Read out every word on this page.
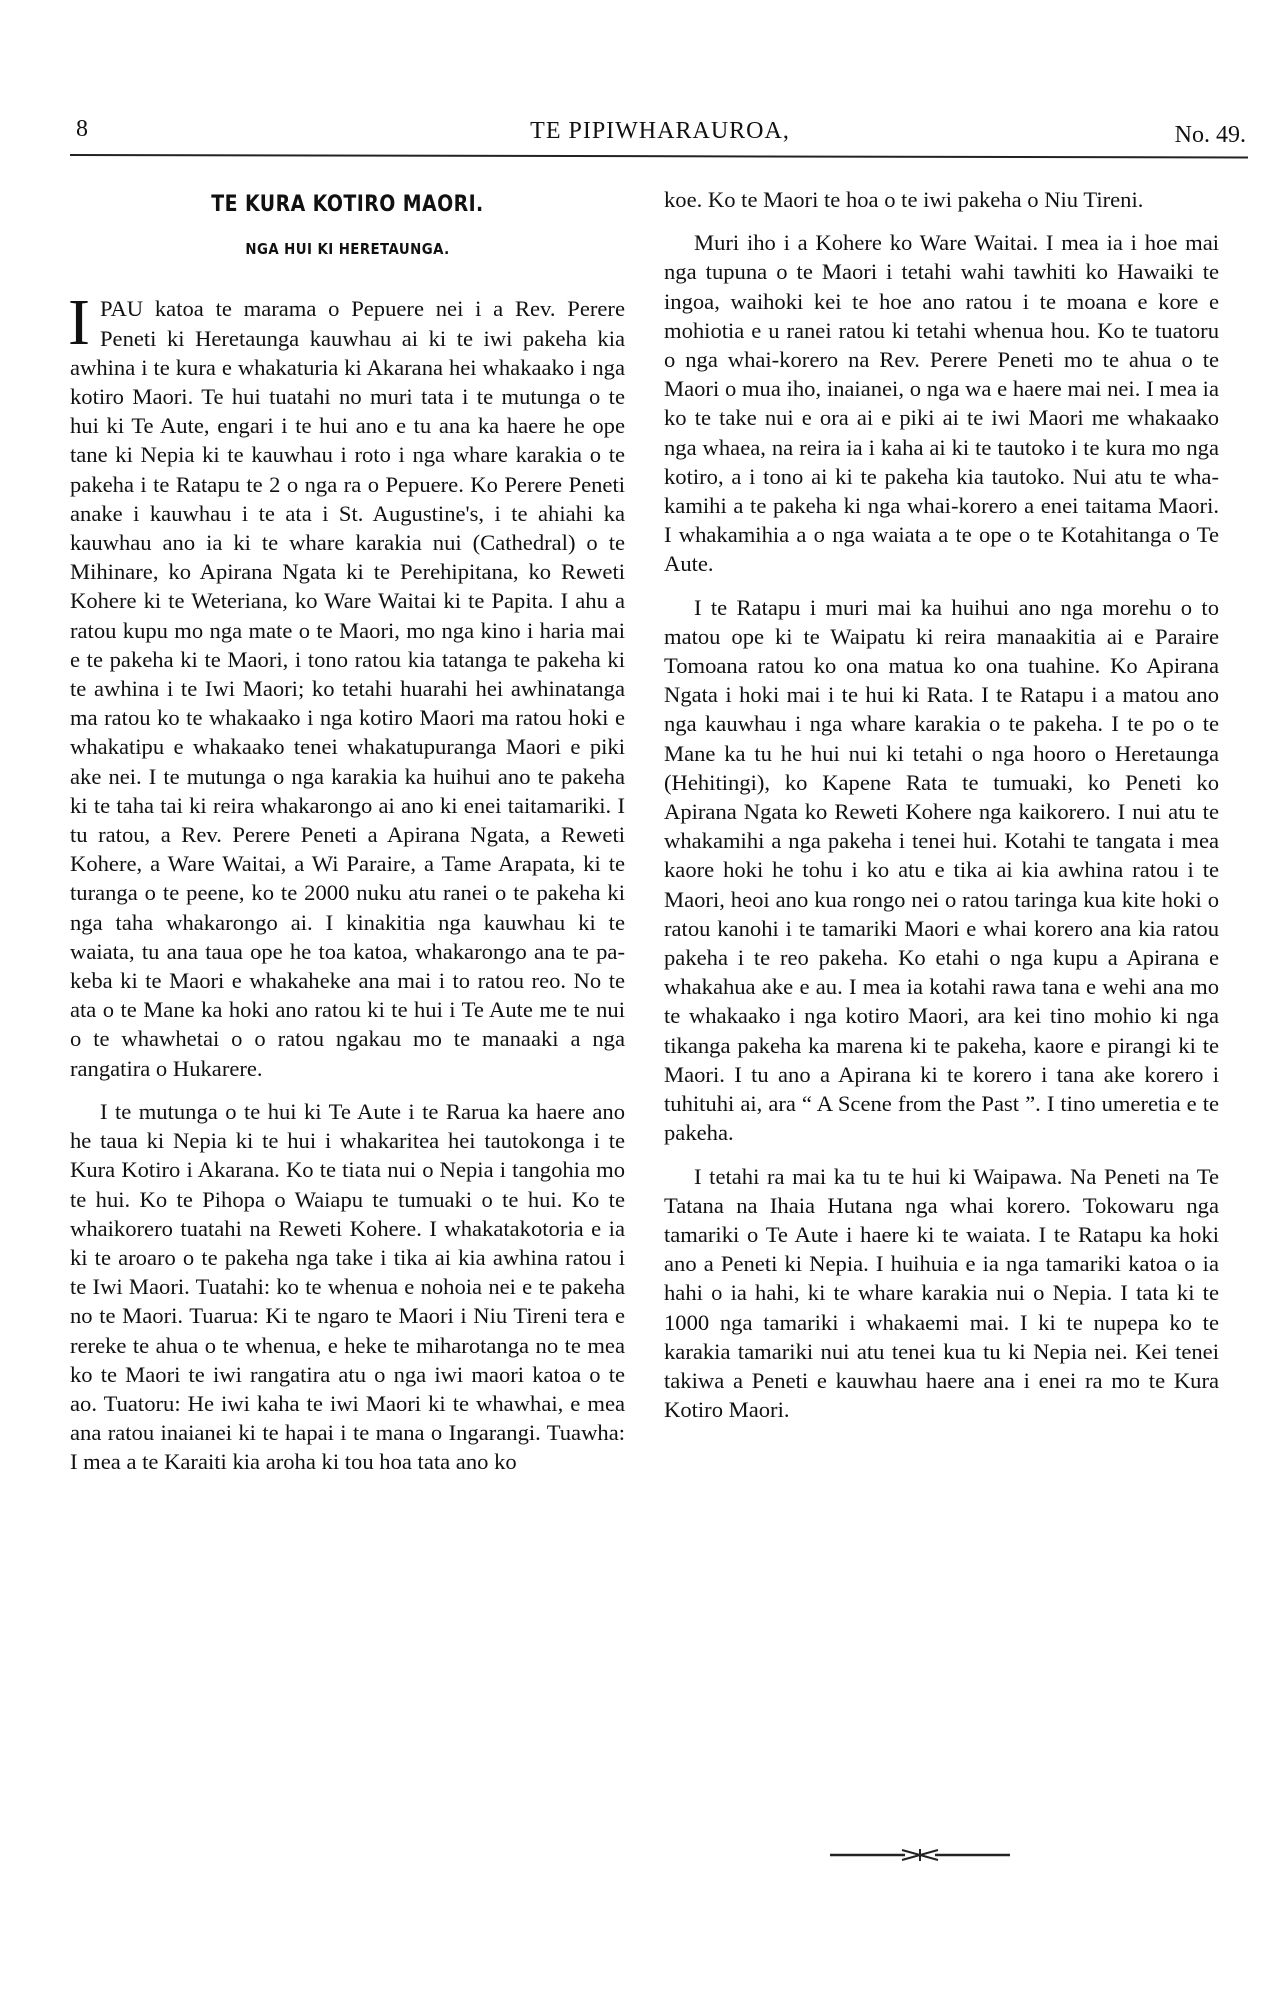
8	TE PIPIWHARAUROA,	No. 49.
TE KURA KOTIRO MAORI.
NGA HUI KI HERETAUNGA.

IPAU katoa te marama o Pepuere nei i a Rev. Perere Peneti ki Heretaunga kauwhau ai ki te iwi pakeha kia awhina i te kura e whakaturia ki Akarana hei whakaako i nga kotiro Maori. Te hui tuatahi no muri tata i te mutunga o te hui ki Te Aute, engari i te hui ano e tu ana ka haere he ope tane ki Nepia ki te kauwhau i roto i nga whare karakia o te pakeha i te Ratapu te 2 o nga ra o Pepuere. Ko Perere Peneti anake i kauwhau i te ata i St. Augustine's, i te ahiahi ka kauwhau ano ia ki te whare karakia nui (Cathedral) o te Mihinare, ko Apirana Ngata ki te Perehipitana, ko Reweti Kohere ki te Weteriana, ko Ware Waitai ki te Papita. I ahu a ratou kupu mo nga mate o te Maori, mo nga kino i haria mai e te pakeha ki te Maori, i tono ratou kia tatanga te pakeha ki te awhina i te Iwi Maori; ko tetahi huarahi hei awhinatanga ma ratou ko te whakaako i nga kotiro Maori ma ratou hoki e whakatipu e whakaako tenei whakatupuranga Maori e piki ake nei. I te mutunga o nga karakia ka huihui ano te pakeha ki te taha tai ki reira whakarongo ai ano ki enei taitamariki. I tu ratou, a Rev. Perere Peneti a Apirana Ngata, a Reweti Kohere, a Ware Waitai, a Wi Paraire, a Tame Arapata, ki te turanga o te peene, ko te 2000 nuku atu ranei o te pakeha ki nga taha whakarongo ai. I kinakitia nga kauwhau ki te waiata, tu ana taua ope he toa katoa, whakarongo ana te pakeba ki te Maori e whakaheke ana mai i to ratou reo. No te ata o te Mane ka hoki ano ratou ki te hui i Te Aute me te nui o te whawhetai o o ratou ngakau mo te manaaki a nga rangatira o Hukarere.

I te mutunga o te hui ki Te Aute i te Rarua ka haere ano he taua ki Nepia ki te hui i whakaritea hei tautokonga i te Kura Kotiro i Akarana. Ko te tiata nui o Nepia i tangohia mo te hui. Ko te Pihopa o Waiapu te tumuaki o te hui. Ko te whaikorero tuatahi na Reweti Kohere. I whakatakotoria e ia ki te aroaro o te pakeha nga take i tika ai kia awhina ratou i te Iwi Maori. Tuatahi: ko te whenua e nohoia nei e te pakeha no te Maori. Tuarua: Ki te ngaro te Maori i Niu Tireni tera e rereke te ahua o te whenua, e heke te miharotanga no te mea ko te Maori te iwi rangatira atu o nga iwi maori katoa o te ao. Tuatoru: He iwi kaha te iwi Maori ki te whawhai, e mea ana ratou inaianei ki te hapai i te mana o Ingarangi. Tuawha: I mea a te Karaiti kia aroha ki tou hoa tata ano ko

koe. Ko te Maori te hoa o te iwi pakeha o Niu Tireni.

Muri iho i a Kohere ko Ware Waitai. I mea ia i hoe mai nga tupuna o te Maori i tetahi wahi tawhiti ko Hawaiki te ingoa, waihoki kei te hoe ano ratou i te moana e kore e mohiotia e u ranei ratou ki tetahi whenua hou. Ko te tuatoru o nga whai-korero na Rev. Perere Peneti mo te ahua o te Maori o mua iho, inaianei, o nga wa e haere mai nei. I mea ia ko te take nui e ora ai e piki ai te iwi Maori me whakaako nga whaea, na reira ia i kaha ai ki te tautoko i te kura mo nga kotiro, a i tono ai ki te pakeha kia tautoko. Nui atu te whakamihi a te pakeha ki nga whai-korero a enei taitama Maori. I whakamihia a o nga waiata a te ope o te Kotahitanga o Te Aute.

I te Ratapu i muri mai ka huihui ano nga morehu o to matou ope ki te Waipatu ki reira manaakitia ai e Paraire Tomoana ratou ko ona matua ko ona tuahine. Ko Apirana Ngata i hoki mai i te hui ki Rata. I te Ratapu i a matou ano nga kauwhau i nga whare karakia o te pakeha. I te po o te Mane ka tu he hui nui ki tetahi o nga hooro o Heretaunga (Hehitingi), ko Kapene Rata te tumuaki, ko Peneti ko Apirana Ngata ko Reweti Kohere nga kaikorero. I nui atu te whakamihi a nga pakeha i tenei hui. Kotahi te tangata i mea kaore hoki he tohu i ko atu e tika ai kia awhina ratou i te Maori, heoi ano kua rongo nei o ratou taringa kua kite hoki o ratou kanohi i te tamariki Maori e whai korero ana kia ratou pakeha i te reo pakeha. Ko etahi o nga kupu a Apirana e whakahua ake e au. I mea ia kotahi rawa tana e wehi ana mo te whakaako i nga kotiro Maori, ara kei tino mohio ki nga tikanga pakeha ka marena ki te pakeha, kaore e pirangi ki te Maori. I tu ano a Apirana ki te korero i tana ake korero i tuhituhi ai, ara “ A Scene from the Past ”. I tino umeretia e te pakeha.

I tetahi ra mai ka tu te hui ki Waipawa. Na Peneti na Te Tatana na Ihaia Hutana nga whai korero. Tokowaru nga tamariki o Te Aute i haere ki te waiata. I te Ratapu ka hoki ano a Peneti ki Nepia. I huihuia e ia nga tamariki katoa o ia hahi o ia hahi, ki te whare karakia nui o Nepia. I tata ki te 1000 nga tamariki i whakaemi mai. I ki te nupepa ko te karakia tamariki nui atu tenei kua tu ki Nepia nei. Kei tenei takiwa a Peneti e kauwhau haere ana i enei ra mo te Kura Kotiro Maori.
